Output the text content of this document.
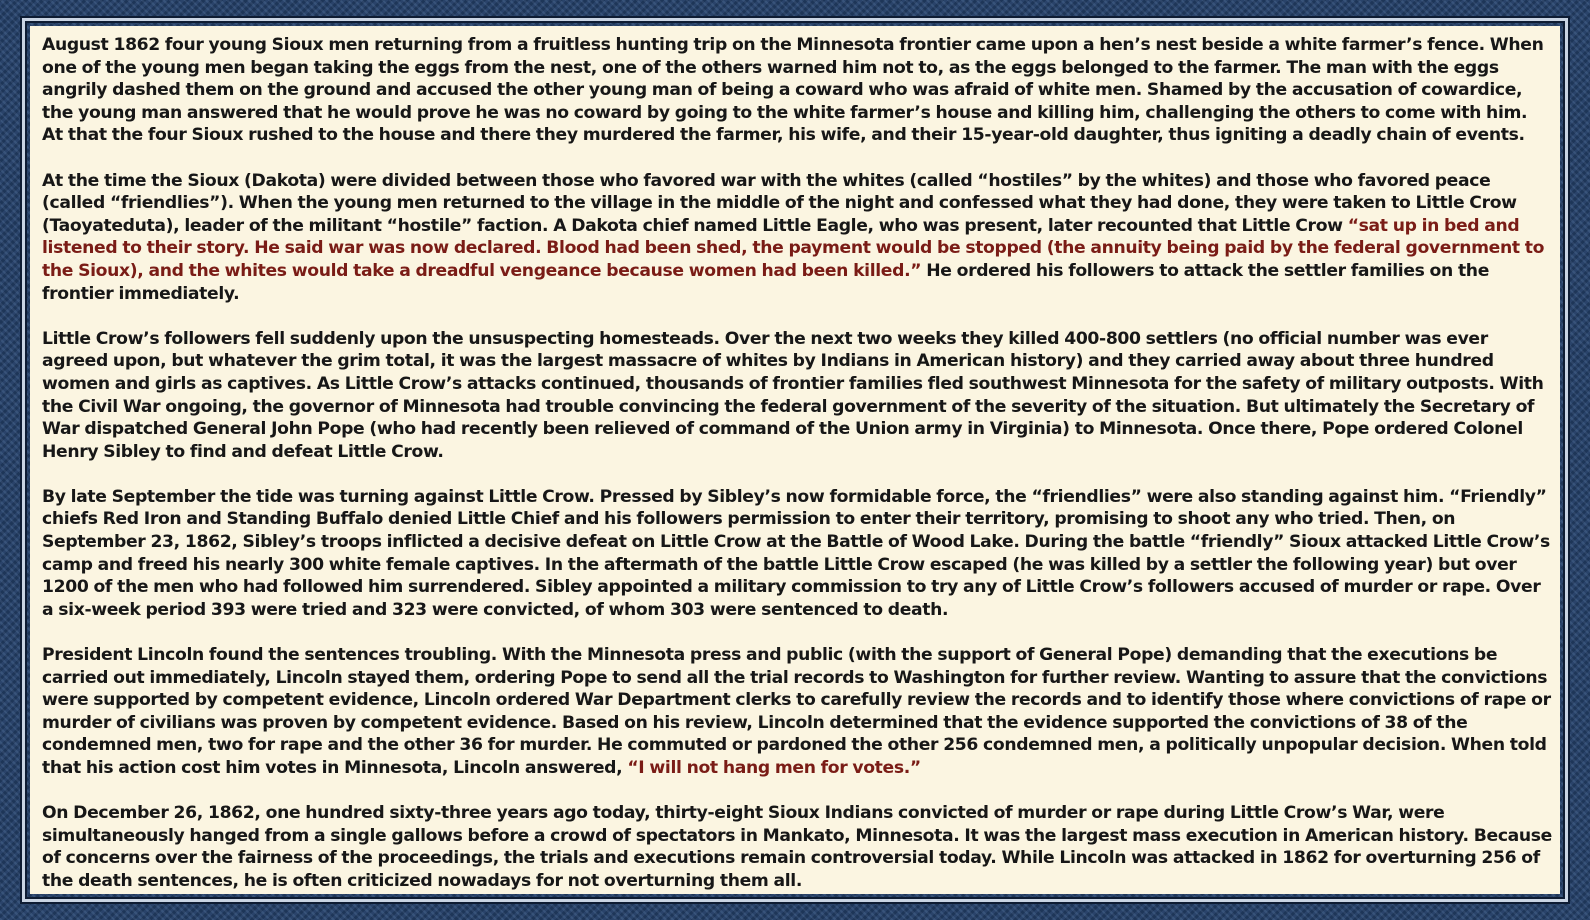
August 1862 four young Sioux men returning from a fruitless hunting trip on the Minnesota frontier came upon a hen’s nest beside a white farmer’s fence. When one of the young men began taking the eggs from the nest, one of the others warned him not to, as the eggs belonged to the farmer. The man with the eggs angrily dashed them on the ground and accused the other young man of being a coward who was afraid of white men. Shamed by the accusation of cowardice, the young man answered that he would prove he was no coward by going to the white farmer’s house and killing him, challenging the others to come with him. At that the four Sioux rushed to the house and there they murdered the farmer, his wife, and their 15-year-old daughter, thus igniting a deadly chain of events.

At the time the Sioux (Dakota) were divided between those who favored war with the whites (called “hostiles” by the whites) and those who favored peace (called “friendlies”). When the young men returned to the village in the middle of the night and confessed what they had done, they were taken to Little Crow (Taoyateduta), leader of the militant “hostile” faction. A Dakota chief named Little Eagle, who was present, later recounted that Little Crow “sat up in bed and listened to their story. He said war was now declared. Blood had been shed, the payment would be stopped (the annuity being paid by the federal government to the Sioux), and the whites would take a dreadful vengeance because women had been killed.” He ordered his followers to attack the settler families on the frontier immediately.

Little Crow’s followers fell suddenly upon the unsuspecting homesteads. Over the next two weeks they killed 400-800 settlers (no official number was ever agreed upon, but whatever the grim total, it was the largest massacre of whites by Indians in American history) and they carried away about three hundred women and girls as captives. As Little Crow’s attacks continued, thousands of frontier families fled southwest Minnesota for the safety of military outposts. With the Civil War ongoing, the governor of Minnesota had trouble convincing the federal government of the severity of the situation. But ultimately the Secretary of War dispatched General John Pope (who had recently been relieved of command of the Union army in Virginia) to Minnesota. Once there, Pope ordered Colonel Henry Sibley to find and defeat Little Crow.

By late September the tide was turning against Little Crow. Pressed by Sibley’s now formidable force, the “friendlies” were also standing against him. “Friendly” chiefs Red Iron and Standing Buffalo denied Little Chief and his followers permission to enter their territory, promising to shoot any who tried. Then, on September 23, 1862, Sibley’s troops inflicted a decisive defeat on Little Crow at the Battle of Wood Lake. During the battle “friendly” Sioux attacked Little Crow’s camp and freed his nearly 300 white female captives. In the aftermath of the battle Little Crow escaped (he was killed by a settler the following year) but over 1200 of the men who had followed him surrendered. Sibley appointed a military commission to try any of Little Crow’s followers accused of murder or rape. Over a six-week period 393 were tried and 323 were convicted, of whom 303 were sentenced to death.

President Lincoln found the sentences troubling. With the Minnesota press and public (with the support of General Pope) demanding that the executions be carried out immediately, Lincoln stayed them, ordering Pope to send all the trial records to Washington for further review. Wanting to assure that the convictions were supported by competent evidence, Lincoln ordered War Department clerks to carefully review the records and to identify those where convictions of rape or murder of civilians was proven by competent evidence. Based on his review, Lincoln determined that the evidence supported the convictions of 38 of the condemned men, two for rape and the other 36 for murder. He commuted or pardoned the other 256 condemned men, a politically unpopular decision. When told that his action cost him votes in Minnesota, Lincoln answered, “I will not hang men for votes.”

On December 26, 1862, one hundred sixty-three years ago today, thirty-eight Sioux Indians convicted of murder or rape during Little Crow’s War, were simultaneously hanged from a single gallows before a crowd of spectators in Mankato, Minnesota. It was the largest mass execution in American history. Because of concerns over the fairness of the proceedings, the trials and executions remain controversial today. While Lincoln was attacked in 1862 for overturning 256 of the death sentences, he is often criticized nowadays for not overturning them all.
